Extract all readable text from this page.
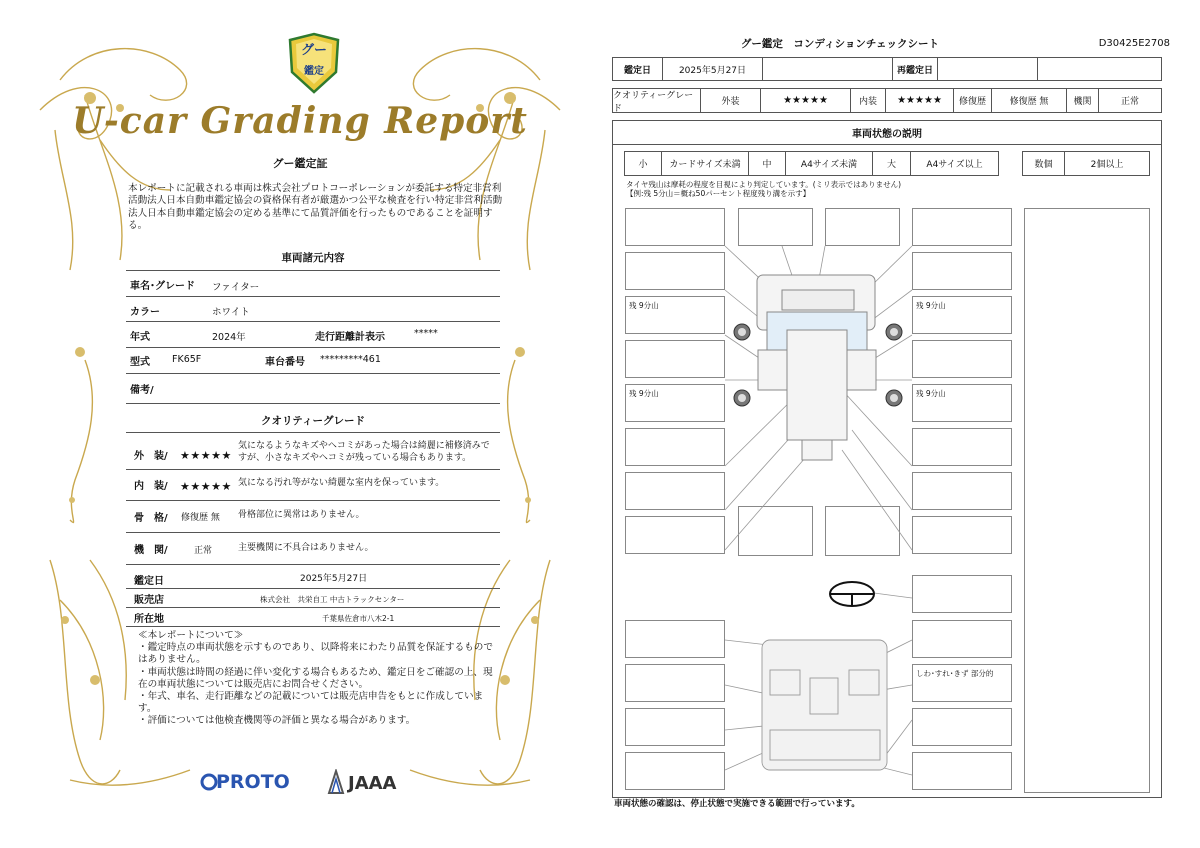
グー
鑑定
U-car Grading Report
グー鑑定証
本レポートに記載される車両は株式会社プロトコーポレーションが委託する特定非営利活動法人日本自動車鑑定協会の資格保有者が厳選かつ公平な検査を行い特定非営利活動法人日本自動車鑑定協会の定める基準にて品質評価を行ったものであることを証明する。
車両諸元内容
車名･グレード ファイター
カラー	ホワイト
年式	2024年	走行距離計表示	*****
型式 FK65F	車台番号 *********461
備考/
クオリティーグレード
外　装/ ★★★★★
気になるようなキズやヘコミがあった場合は綺麗に補修済みですが、小さなキズやヘコミが残っている場合もあります。
内　装/ ★★★★★ 気になる汚れ等がない綺麗な室内を保っています。
骨　格/ 修復歴 無 骨格部位に異常はありません。
機　関/	正常	主要機関に不具合はありません。
鑑定日	2025年5月27日
販売店	株式会社　共栄自工 中古トラックセンター
所在地	千葉県佐倉市八木2-1
≪本レポートについて≫
・鑑定時点の車両状態を示すものであり、以降将来にわたり品質を保証するものではありません。
・車両状態は時間の経過に伴い変化する場合もあるため、鑑定日をご確認の上、現在の車両状態については販売店にお問合せください。
・年式、車名、走行距離などの記載については販売店申告をもとに作成しています。
・評価については他検査機関等の評価と異なる場合があります。
PROTO	JAAA
グー鑑定　コンディションチェックシート	D30425E2708
鑑定日	2025年5月27日	再鑑定日
クオリティーグレード
外装	★★★★★	内装	★★★★★	修復歴	修復歴 無	機関	正常
車両状態の説明
小	カードサイズ未満	中	A4サイズ未満	大	A4サイズ以上	数個	2個以上
タイヤ残山は摩耗の程度を目視により判定しています。(ミリ表示ではありません)
【例:残 5分山＝概ね50パーセント程度残り溝を示す】
残 9分山	残 9分山
残 9分山	残 9分山
しわ･すれ･きず 部分的
車両状態の確認は、停止状態で実施できる範囲で行っています。
